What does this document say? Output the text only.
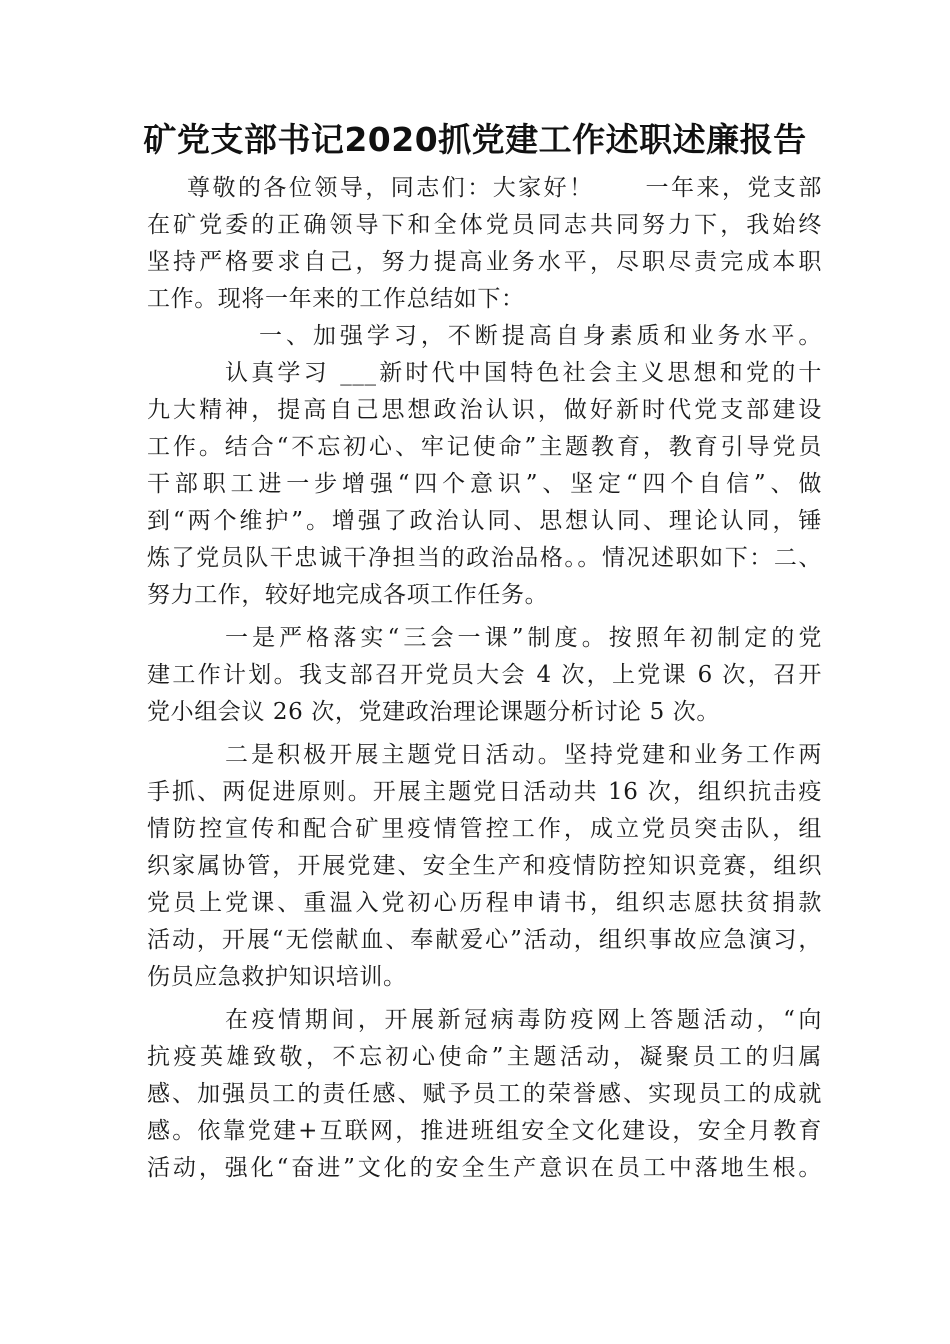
矿党支部书记2020抓党建工作述职述廉报告
尊敬的各位领导，同志们：大家好！　　一年来，党支部
在矿党委的正确领导下和全体党员同志共同努力下，我始终
坚持严格要求自己，努力提高业务水平，尽职尽责完成本职
工作。现将一年来的工作总结如下：
一、加强学习，不断提高自身素质和业务水平。
认真学习 ___新时代中国特色社会主义思想和党的十
九大精神，提高自己思想政治认识，做好新时代党支部建设
工作。结合“不忘初心、牢记使命”主题教育，教育引导党员
干部职工进一步增强“四个意识”、坚定“四个自信”、做
到“两个维护”。增强了政治认同、思想认同、理论认同，锤
炼了党员队干忠诚干净担当的政治品格。。情况述职如下：二、
努力工作，较好地完成各项工作任务。
一是严格落实“三会一课”制度。按照年初制定的党
建工作计划。我支部召开党员大会 4 次，上党课 6 次，召开
党小组会议 26 次，党建政治理论课题分析讨论 5 次。
二是积极开展主题党日活动。坚持党建和业务工作两
手抓、两促进原则。开展主题党日活动共 16 次，组织抗击疫
情防控宣传和配合矿里疫情管控工作，成立党员突击队，组
织家属协管，开展党建、安全生产和疫情防控知识竞赛，组织
党员上党课、重温入党初心历程申请书，组织志愿扶贫捐款
活动，开展“无偿献血、奉献爱心”活动，组织事故应急演习，
伤员应急救护知识培训。
在疫情期间，开展新冠病毒防疫网上答题活动，“向
抗疫英雄致敬，不忘初心使命”主题活动，凝聚员工的归属
感、加强员工的责任感、赋予员工的荣誉感、实现员工的成就
感。依靠党建+互联网，推进班组安全文化建设，安全月教育
活动，强化“奋进”文化的安全生产意识在员工中落地生根。
